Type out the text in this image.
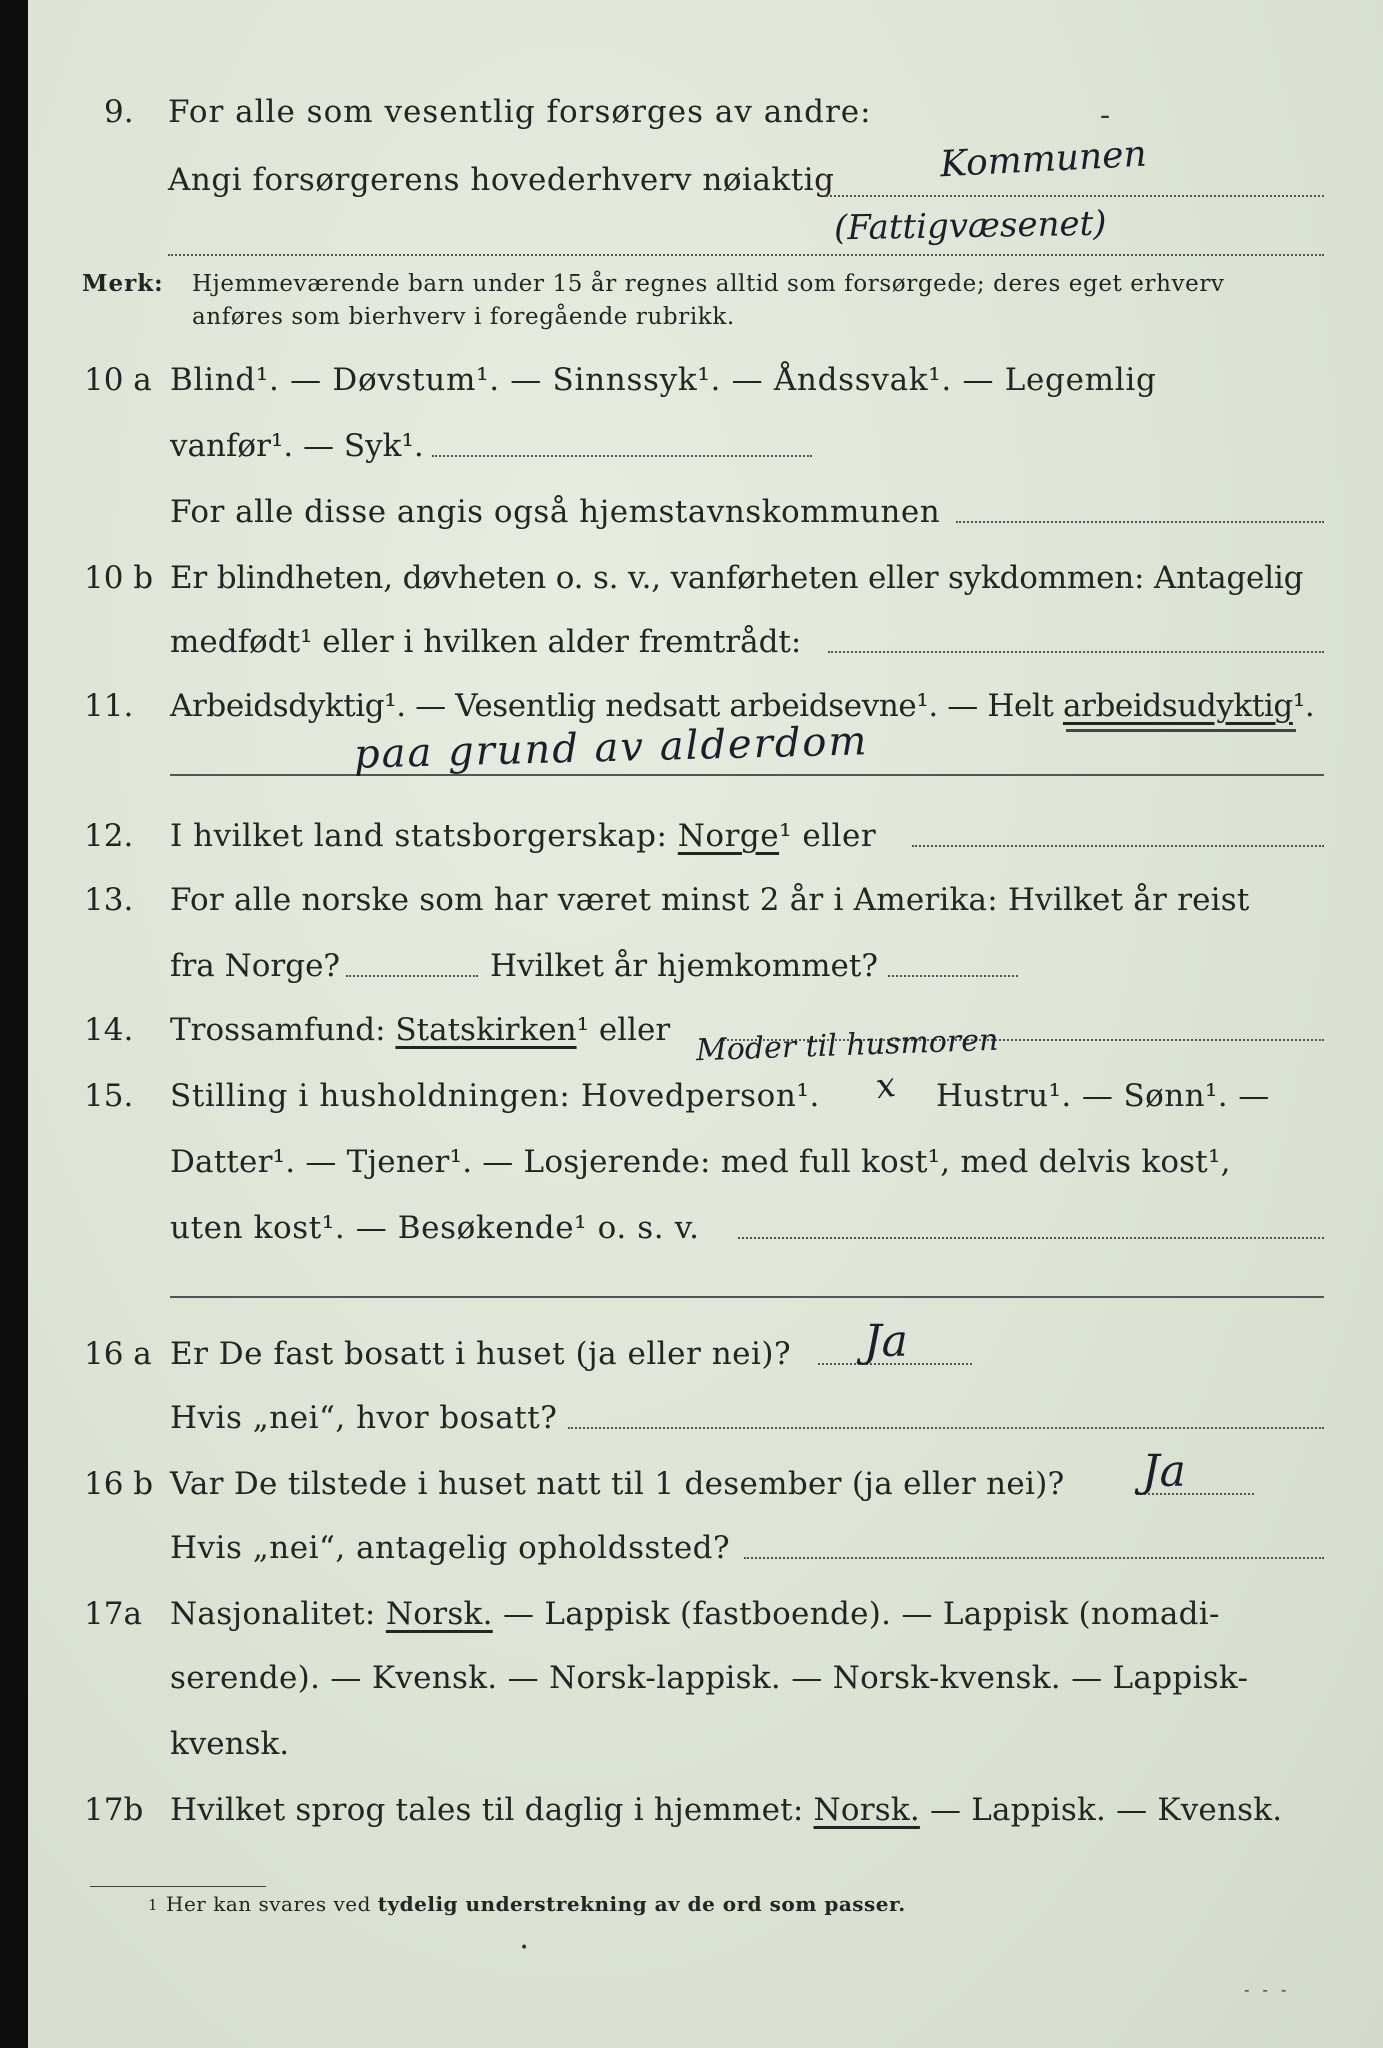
9. For alle som vesentlig forsørges av andre:	-
Angi forsørgerens hovederhverv nøiaktig	Kommunen
(Fattigvæsenet)
Merk: Hjemmeværende barn under 15 år regnes alltid som forsørgede; deres eget erhverv
anføres som bierhverv i foregående rubrikk.
10 a Blind¹. — Døvstum¹. — Sinnssyk¹. — Åndssvak¹. — Legemlig
vanfør¹. — Syk¹.
For alle disse angis også hjemstavnskommunen
10 b Er blindheten, døvheten o. s. v., vanførheten eller sykdommen: Antagelig
medfødt¹ eller i hvilken alder fremtrådt:
11. Arbeidsdyktig¹. — Vesentlig nedsatt arbeidsevne¹. — Helt arbeidsudyktig¹.
paa grund av alderdom
12. I hvilket land statsborgerskap: Norge¹ eller
13. For alle norske som har været minst 2 år i Amerika: Hvilket år reist
fra Norge?	Hvilket år hjemkommet?
14. Trossamfund: Statskirken¹ eller Moder til husmoren
15. Stilling i husholdningen: Hovedperson¹. x Hustru¹. — Sønn¹. —
Datter¹. — Tjener¹. — Losjerende: med full kost¹, med delvis kost¹,
uten kost¹. — Besøkende¹ o. s. v.
16 a Er De fast bosatt i huset (ja eller nei)? Ja
Hvis „nei“, hvor bosatt?
16 b Var De tilstede i huset natt til 1 desember (ja eller nei)? Ja
Hvis „nei“, antagelig opholdssted?
17a Nasjonalitet: Norsk. — Lappisk (fastboende). — Lappisk (nomadi-
serende). — Kvensk. — Norsk-lappisk. — Norsk-kvensk. — Lappisk-
kvensk.
17b Hvilket sprog tales til daglig i hjemmet: Norsk. — Lappisk. — Kvensk.
1 Her kan svares ved tydelig understrekning av de ord som passer.
•
- - -
